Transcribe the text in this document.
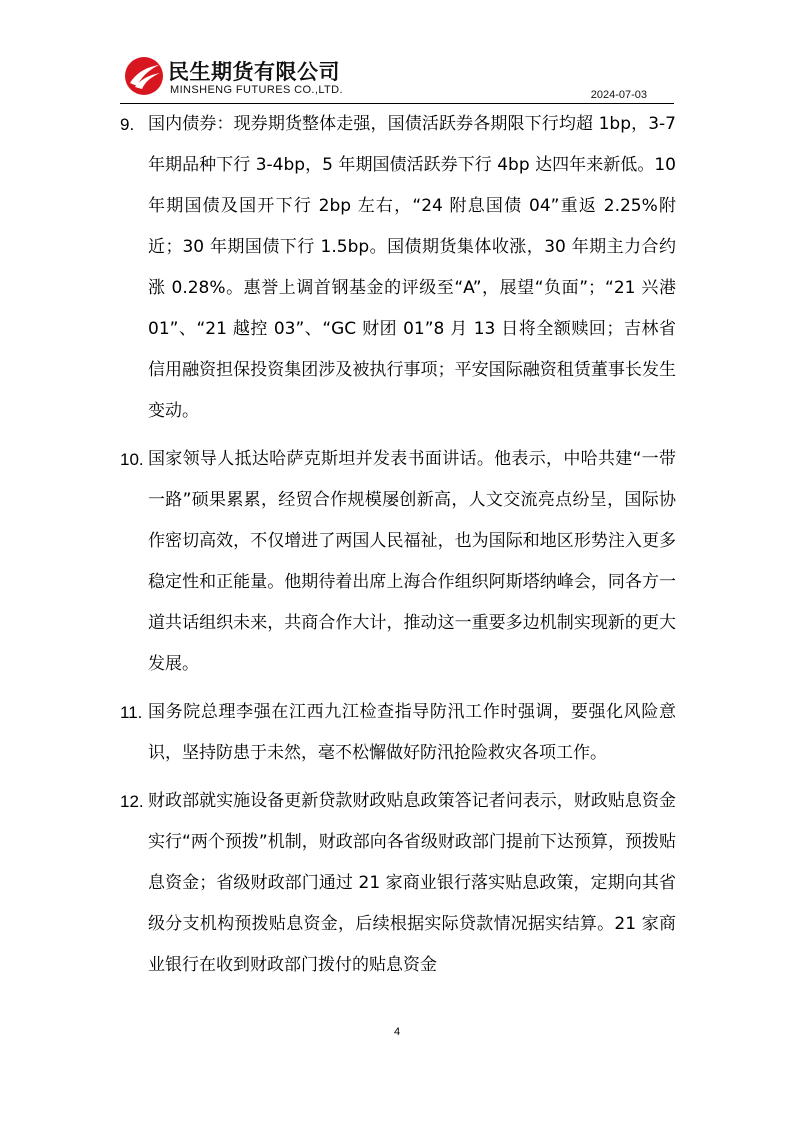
民生期货有限公司
MINSHENG FUTURES CO.,LTD.	2024-07-03
9. 国内债券：现券期货整体走强，国债活跃券各期限下行均超 1bp，3-7 年期品种下行 3-4bp，5 年期国债活跃券下行 4bp 达四年来新低。10 年期国债及国开下行 2bp 左右，“24 附息国债 04”重返 2.25%附近；30 年期国债下行 1.5bp。国债期货集体收涨，30 年期主力合约涨 0.28%。惠誉上调首钢基金的评级至“A”，展望“负面”；“21 兴港 01”、“21 越控 03”、“GC 财团 01”8 月 13 日将全额赎回；吉林省信用融资担保投资集团涉及被执行事项；平安国际融资租赁董事长发生变动。
10. 国家领导人抵达哈萨克斯坦并发表书面讲话。他表示，中哈共建“一带一路”硕果累累，经贸合作规模屡创新高，人文交流亮点纷呈，国际协作密切高效，不仅增进了两国人民福祉，也为国际和地区形势注入更多稳定性和正能量。他期待着出席上海合作组织阿斯塔纳峰会，同各方一道共话组织未来，共商合作大计，推动这一重要多边机制实现新的更大发展。
11. 国务院总理李强在江西九江检查指导防汛工作时强调，要强化风险意识，坚持防患于未然，毫不松懈做好防汛抢险救灾各项工作。
12. 财政部就实施设备更新贷款财政贴息政策答记者问表示，财政贴息资金实行“两个预拨”机制，财政部向各省级财政部门提前下达预算，预拨贴息资金；省级财政部门通过 21 家商业银行落实贴息政策，定期向其省级分支机构预拨贴息资金，后续根据实际贷款情况据实结算。21 家商业银行在收到财政部门拨付的贴息资金
4
